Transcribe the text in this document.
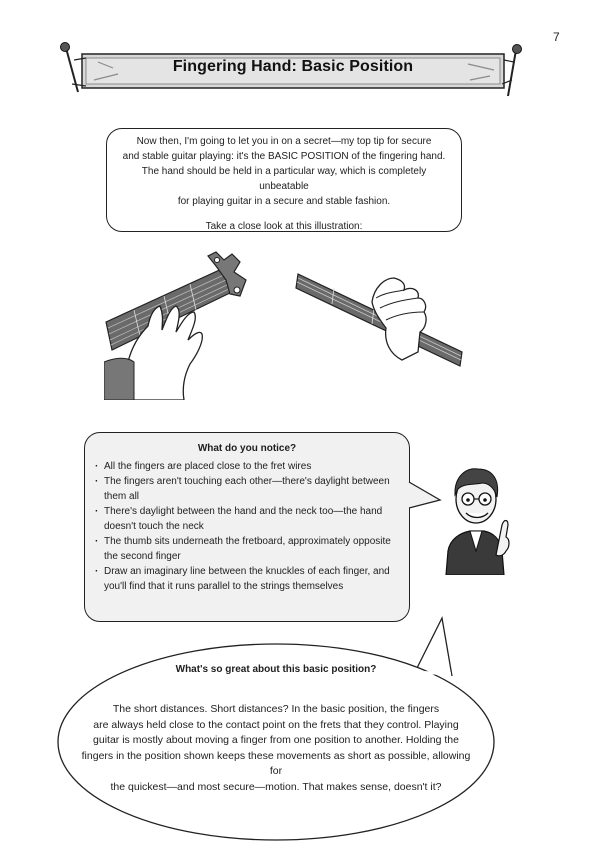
7
Fingering Hand: Basic Position

Now then, I'm going to let you in on a secret—my top tip for secure

and stable guitar playing: it's the BASIC POSITION of the fingering hand.

The hand should be held in a particular way, which is completely unbeatable

for playing guitar in a secure and stable fashion.

Take a close look at this illustration:

What do you notice?
· All the fingers are placed close to the fret wires
· The fingers aren't touching each other—there's daylight between them all
· There's daylight between the hand and the neck too—the hand doesn't touch the neck
· The thumb sits underneath the fretboard, approximately opposite the second finger
· Draw an imaginary line between the knuckles of each finger, and you'll find that it runs parallel to the strings themselves
What's so great about this basic position?
The short distances. Short distances? In the basic position, the fingers
are always held close to the contact point on the frets that they control. Playing
guitar is mostly about moving a finger from one position to another. Holding the
fingers in the position shown keeps these movements as short as possible, allowing for
the quickest—and most secure—motion. That makes sense, doesn't it?
